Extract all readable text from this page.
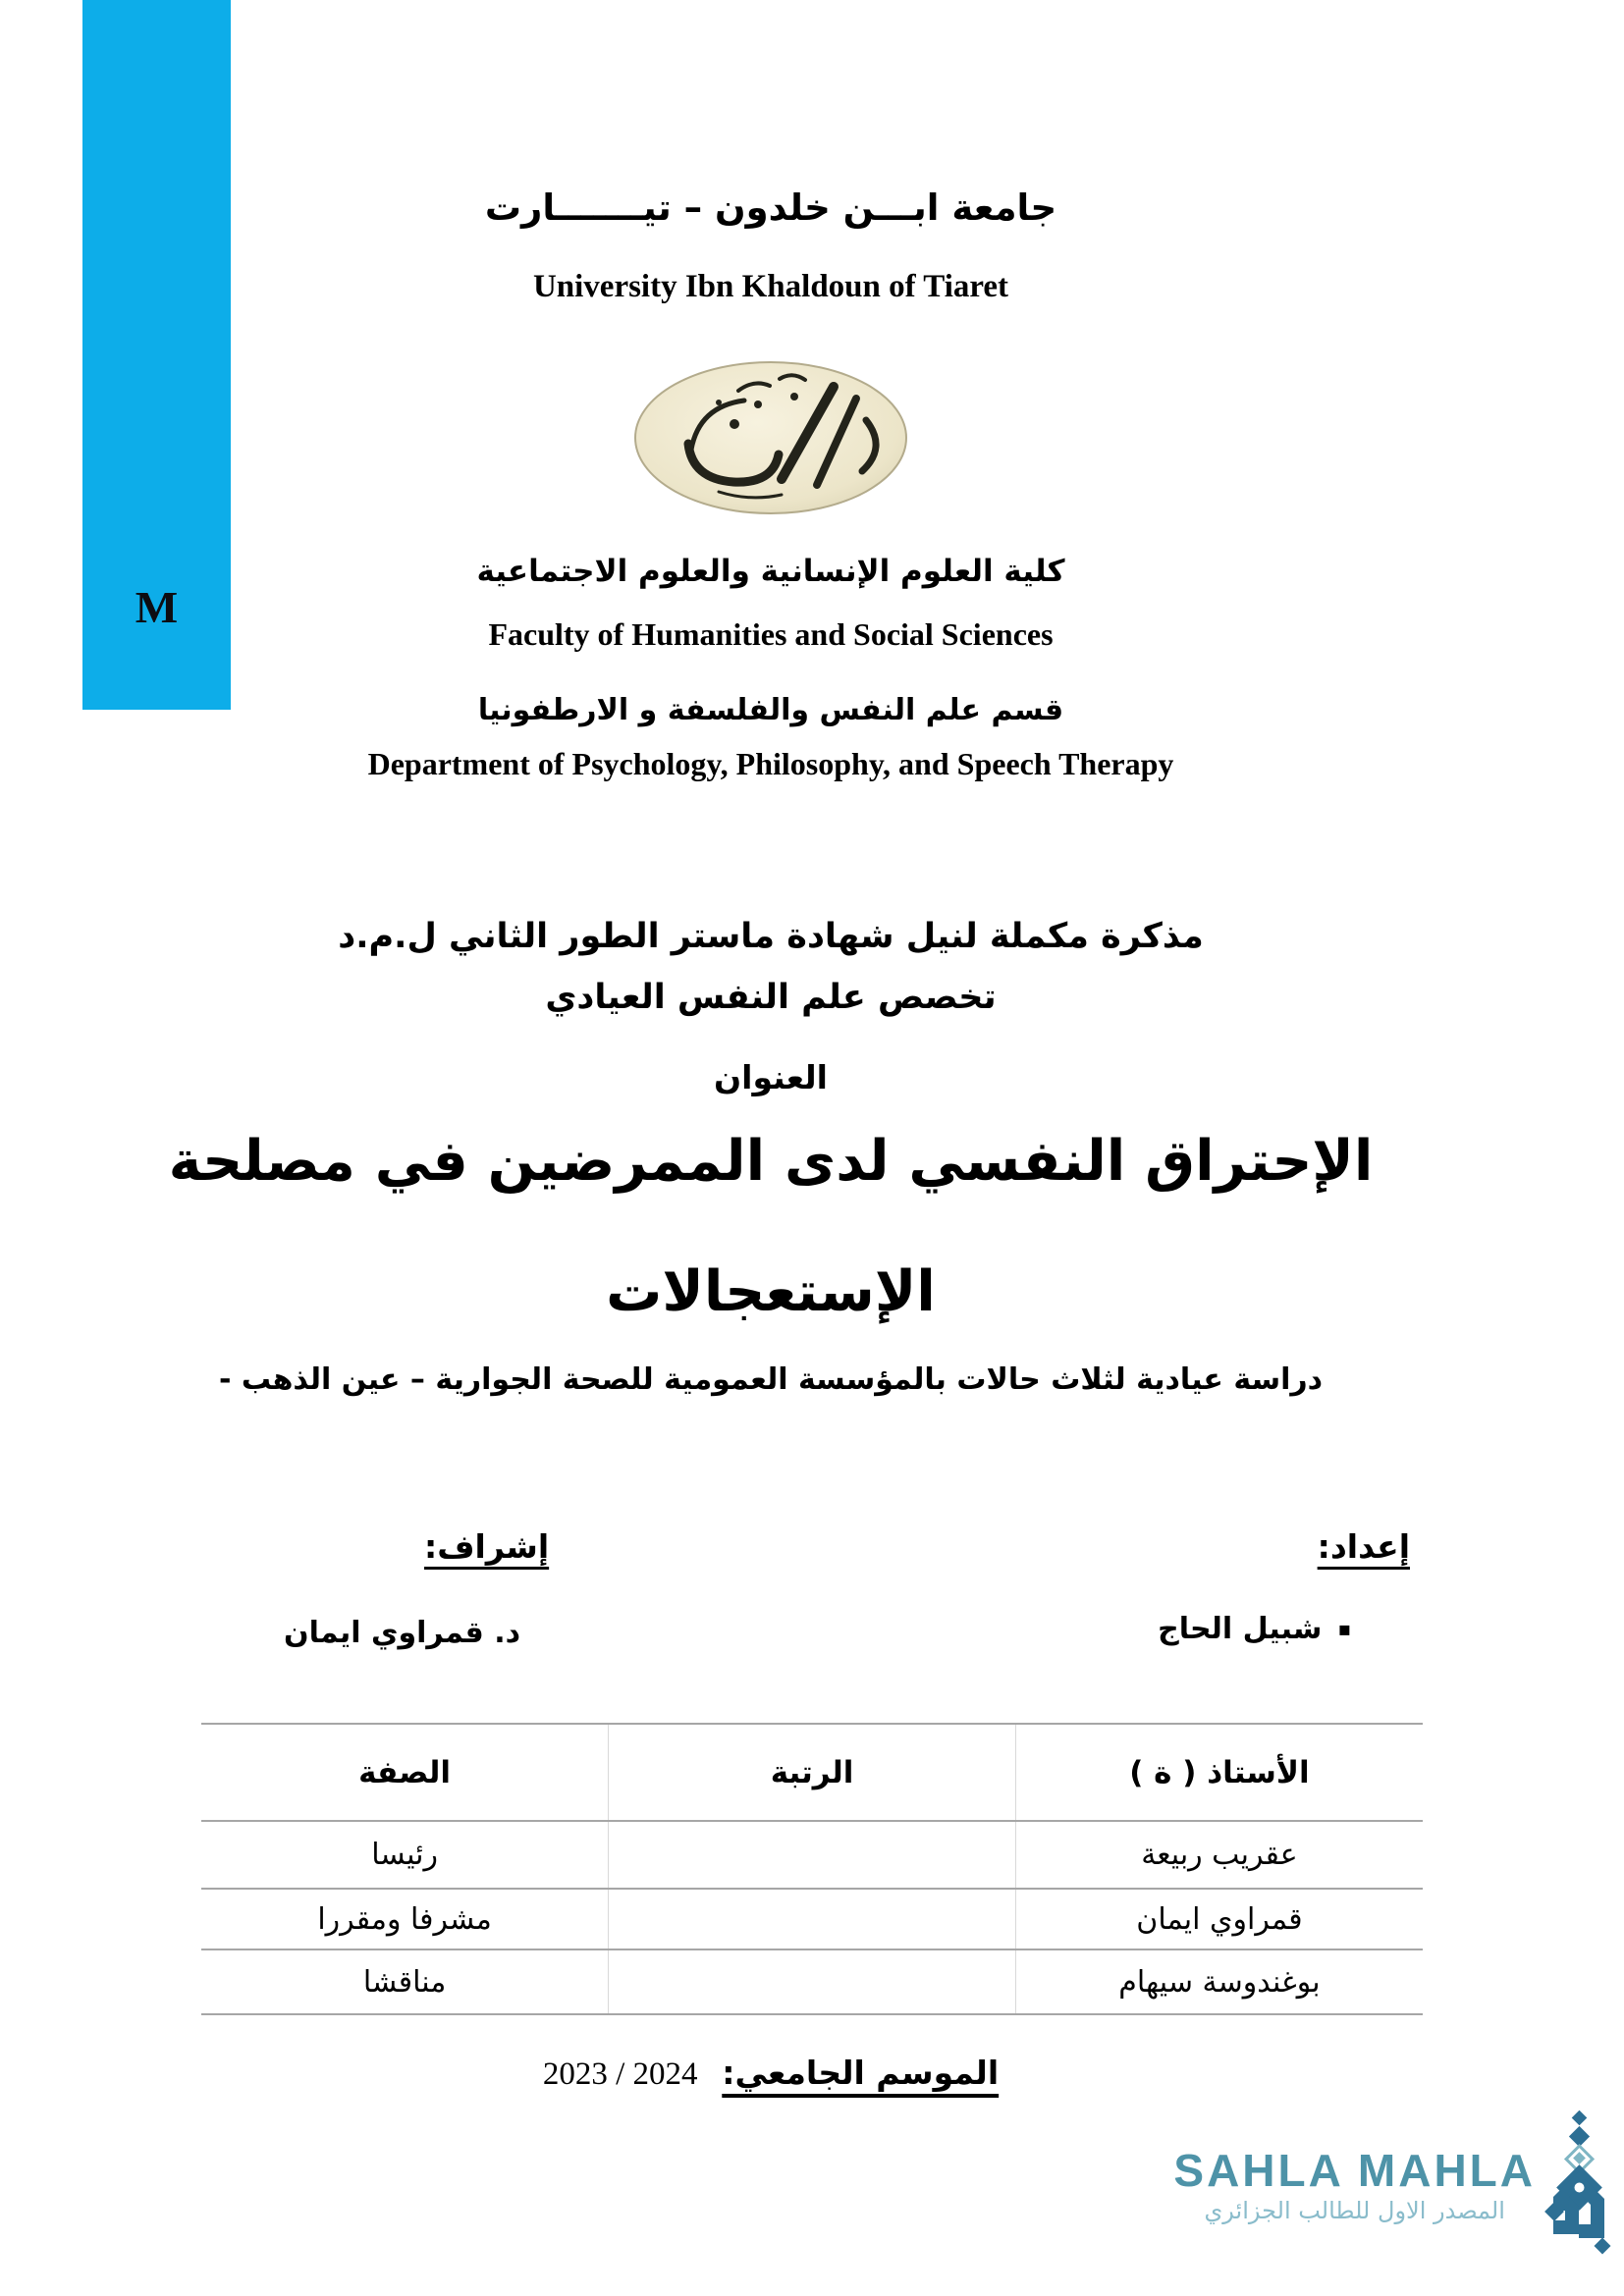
M
جامعة ابـــن خلدون – تيـــــــارت
University Ibn Khaldoun of Tiaret
كلية العلوم الإنسانية والعلوم الاجتماعية
Faculty of Humanities and Social Sciences
قسم علم النفس والفلسفة و الارطفونيا
Department of Psychology, Philosophy, and Speech Therapy
مذكرة مكملة لنيل شهادة ماستر الطور الثاني ل.م.د
تخصص علم النفس العيادي
العنوان
الإحتراق النفسي لدى الممرضين في مصلحة
الإستعجالات
دراسة عيادية لثلاث حالات بالمؤسسة العمومية للصحة الجوارية – عين الذهب -
إعداد:
إشراف:
▪شبيل الحاج
د. قمراوي ايمان
الأستاذ ( ة )	الرتبة	الصفة
عقريب ربيعة		رئيسا
قمراوي ايمان		مشرفا ومقررا
بوغندوسة سيهام		مناقشا
الموسم الجامعي:   2023 / 2024
SAHLA MAHLA
المصدر الاول للطالب الجزائري
